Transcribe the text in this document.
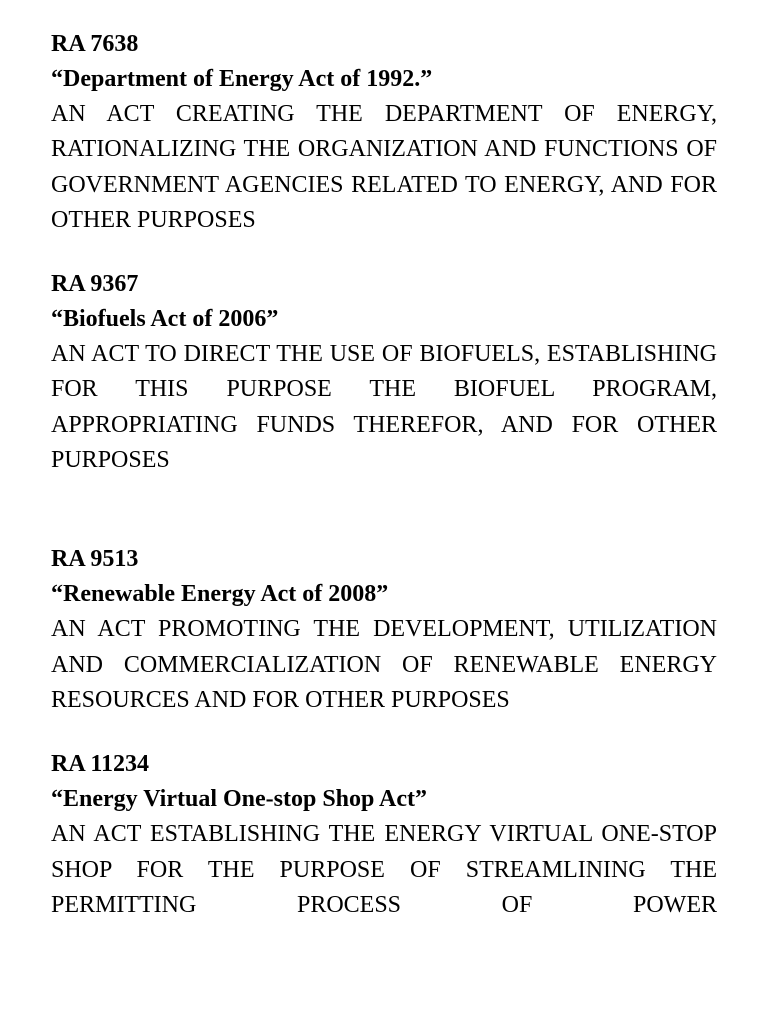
RA 7638

“Department of Energy Act of 1992.”

AN ACT CREATING THE DEPARTMENT OF ENERGY, RATIONALIZING THE ORGANIZATION AND FUNCTIONS OF GOVERNMENT AGENCIES RELATED TO ENERGY, AND FOR OTHER PURPOSES

RA 9367

“Biofuels Act of 2006”

AN ACT TO DIRECT THE USE OF BIOFUELS, ESTABLISHING FOR THIS PURPOSE THE BIOFUEL PROGRAM, APPROPRIATING FUNDS THEREFOR, AND FOR OTHER PURPOSES

RA 9513

“Renewable Energy Act of 2008”

AN ACT PROMOTING THE DEVELOPMENT, UTILIZATION AND COMMERCIALIZATION OF RENEWABLE ENERGY RESOURCES AND FOR OTHER PURPOSES

RA 11234

“Energy Virtual One-stop Shop Act”

AN ACT ESTABLISHING THE ENERGY VIRTUAL ONE-STOP SHOP FOR THE PURPOSE OF STREAMLINING THE PERMITTING PROCESS OF POWER
